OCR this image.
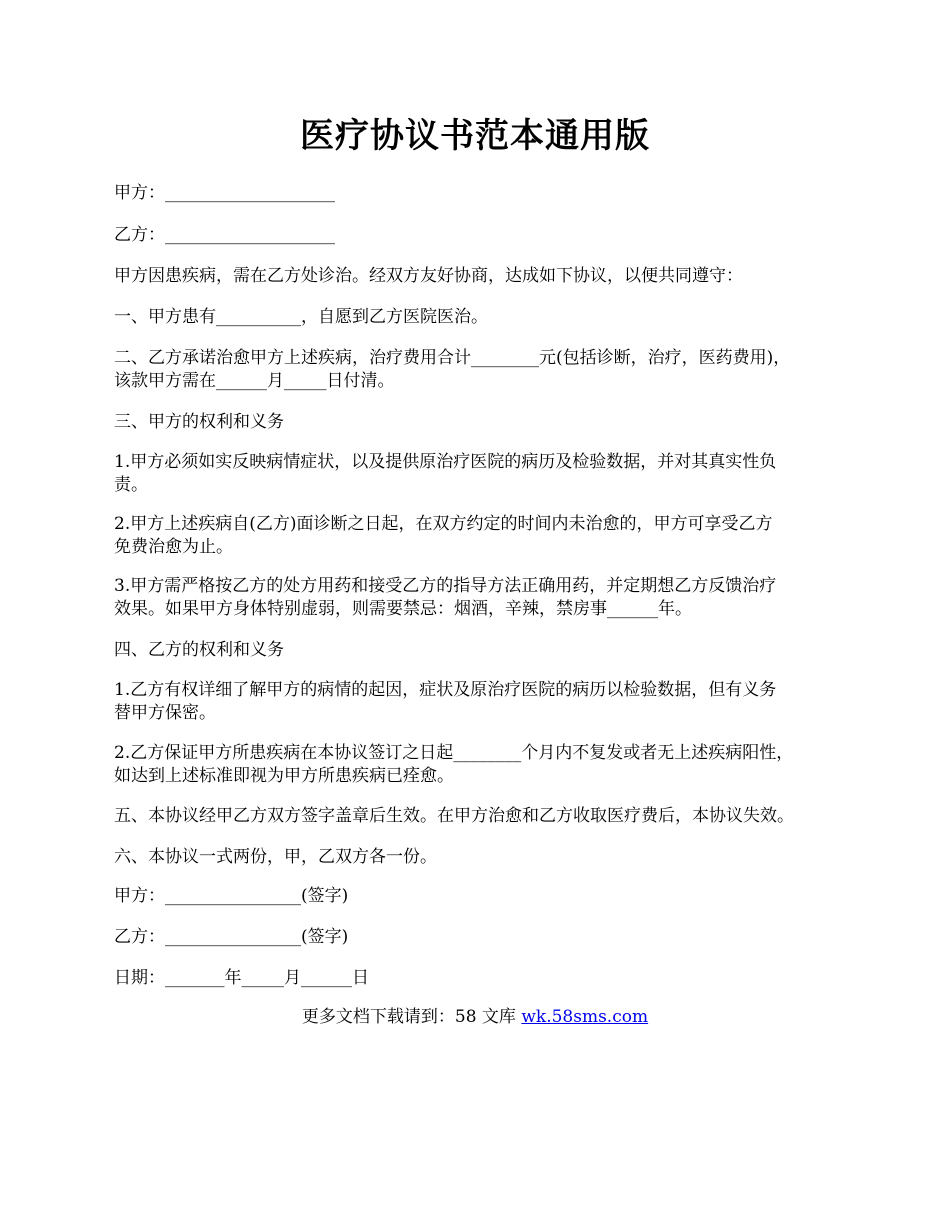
医疗协议书范本通用版
甲方：____________________
乙方：____________________
甲方因患疾病，需在乙方处诊治。经双方友好协商，达成如下协议，以便共同遵守：
一、甲方患有__________，自愿到乙方医院医治。
二、乙方承诺治愈甲方上述疾病，治疗费用合计________元(包括诊断，治疗，医药费用)，
该款甲方需在______月_____日付清。
三、甲方的权利和义务
1.甲方必须如实反映病情症状，以及提供原治疗医院的病历及检验数据，并对其真实性负
责。
2.甲方上述疾病自(乙方)面诊断之日起，在双方约定的时间内未治愈的，甲方可享受乙方
免费治愈为止。
3.甲方需严格按乙方的处方用药和接受乙方的指导方法正确用药，并定期想乙方反馈治疗
效果。如果甲方身体特别虚弱，则需要禁忌：烟酒，辛辣，禁房事______年。
四、乙方的权利和义务
1.乙方有权详细了解甲方的病情的起因，症状及原治疗医院的病历以检验数据，但有义务
替甲方保密。
2.乙方保证甲方所患疾病在本协议签订之日起________个月内不复发或者无上述疾病阳性，
如达到上述标准即视为甲方所患疾病已痊愈。
五、本协议经甲乙方双方签字盖章后生效。在甲方治愈和乙方收取医疗费后，本协议失效。
六、本协议一式两份，甲，乙双方各一份。
甲方：________________(签字)
乙方：________________(签字)
日期：_______年_____月______日
更多文档下载请到：58 文库 wk.58sms.com
